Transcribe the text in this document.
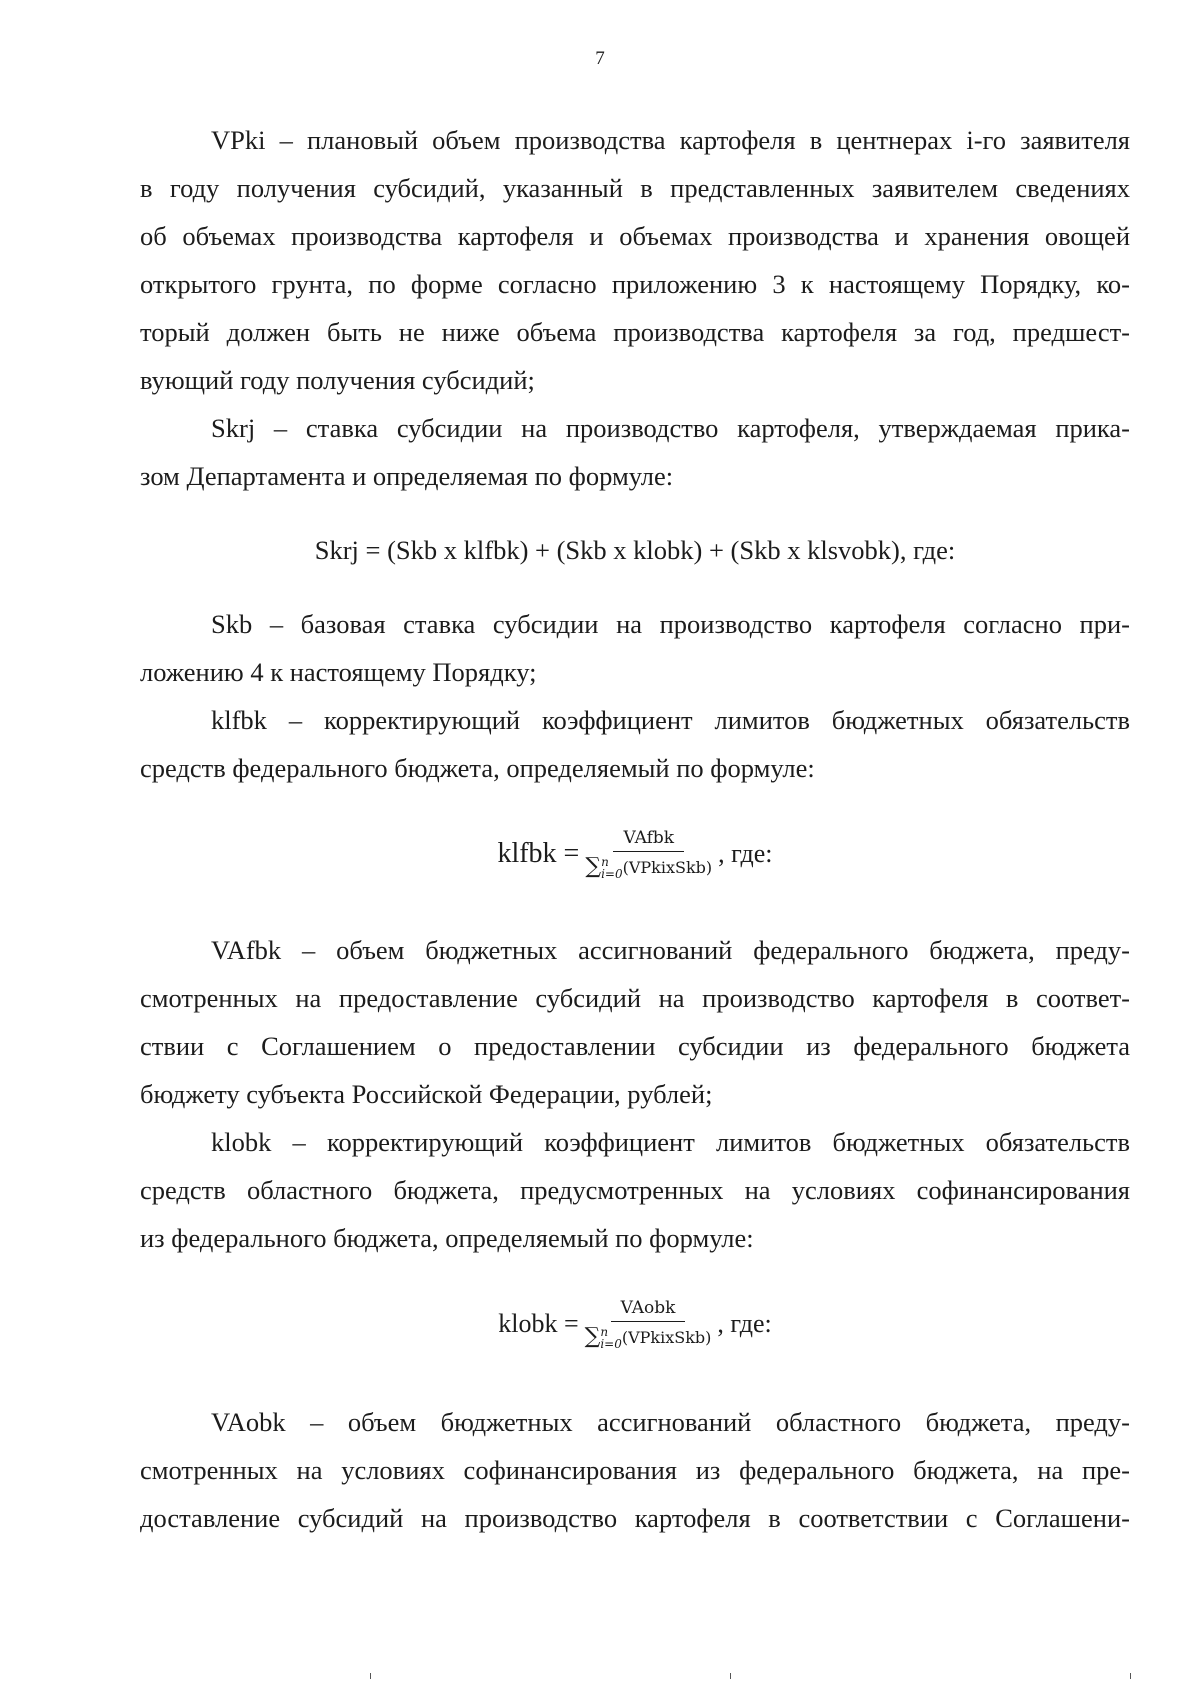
7

VPki – плановый объем производства картофеля в центнерах i-го заявителя
в году получения субсидий, указанный в представленных заявителем сведениях
об объемах производства картофеля и объемах производства и хранения овощей
открытого грунта, по форме согласно приложению 3 к настоящему Порядку, ко-
торый должен быть не ниже объема производства картофеля за год, предшест-
вующий году получения субсидий;

Skrj – ставка субсидии на производство картофеля, утверждаемая прика-
зом Департамента и определяемая по формуле:

Skrj = (Skb x klfbk) + (Skb x klobk) + (Skb x klsvobk), где:

Skb – базовая ставка субсидии на производство картофеля согласно при-
ложению 4 к настоящему Порядку;

klfbk – корректирующий коэффициент лимитов бюджетных обязательств
средств федерального бюджета, определяемый по формуле:

klfbk = VAfbk
∑ n
i=0 (VPkixSkb) , где:

VAfbk – объем бюджетных ассигнований федерального бюджета, преду-
смотренных на предоставление субсидий на производство картофеля в соответ-
ствии с Соглашением о предоставлении субсидии из федерального бюджета
бюджету субъекта Российской Федерации, рублей;

klobk – корректирующий коэффициент лимитов бюджетных обязательств
средств областного бюджета, предусмотренных на условиях софинансирования
из федерального бюджета, определяемый по формуле:

klobk = VAobk
∑ n
i=0 (VPkixSkb) , где:

VAobk – объем бюджетных ассигнований областного бюджета, преду-
смотренных на условиях софинансирования из федерального бюджета, на пре-
доставление субсидий на производство картофеля в соответствии с Соглашени-
